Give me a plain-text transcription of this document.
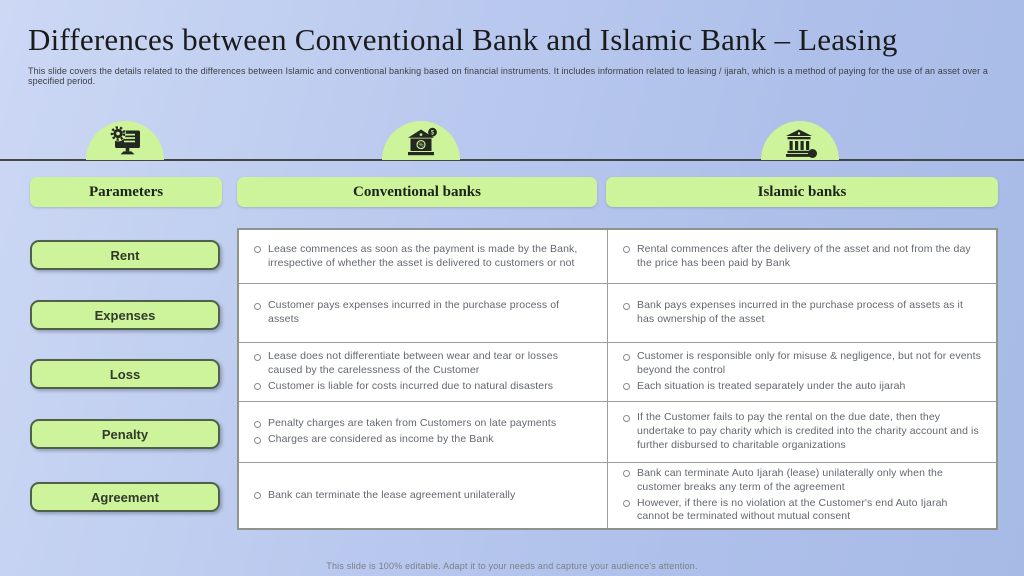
Differences between Conventional Bank and Islamic Bank – Leasing
This slide covers the details related to the differences between Islamic and conventional banking based on financial instruments. It includes information related to leasing / ijarah, which is a method of paying for the use of an asset over a specified period.
%
$
Parameters	Conventional banks	Islamic banks
Rent
Expenses
Loss
Penalty
Agreement
Lease commences as soon as the payment is made by the Bank, irrespective of whether the asset is delivered to customers or not
Rental commences after the delivery of the asset and not from the day the price has been paid by Bank
Customer pays expenses incurred in the purchase process of assets
Bank pays expenses incurred in the purchase process of assets as it has ownership of the asset
Lease does not differentiate between wear and tear or losses caused by the carelessness of the Customer
Customer is liable for costs incurred due to natural disasters
Customer is responsible only for misuse & negligence, but not for events beyond the control
Each situation is treated separately under the auto ijarah
Penalty charges are taken from Customers on late payments
Charges are considered as income by the Bank
If the Customer fails to pay the rental on the due date, then they undertake to pay charity which is credited into the charity account and is further disbursed to charitable organizations
Bank can terminate the lease agreement unilaterally
Bank can terminate Auto Ijarah (lease) unilaterally only when the customer breaks any term of the agreement
However, if there is no violation at the Customer's end Auto Ijarah cannot be terminated without mutual consent
This slide is 100% editable. Adapt it to your needs and capture your audience's attention.
